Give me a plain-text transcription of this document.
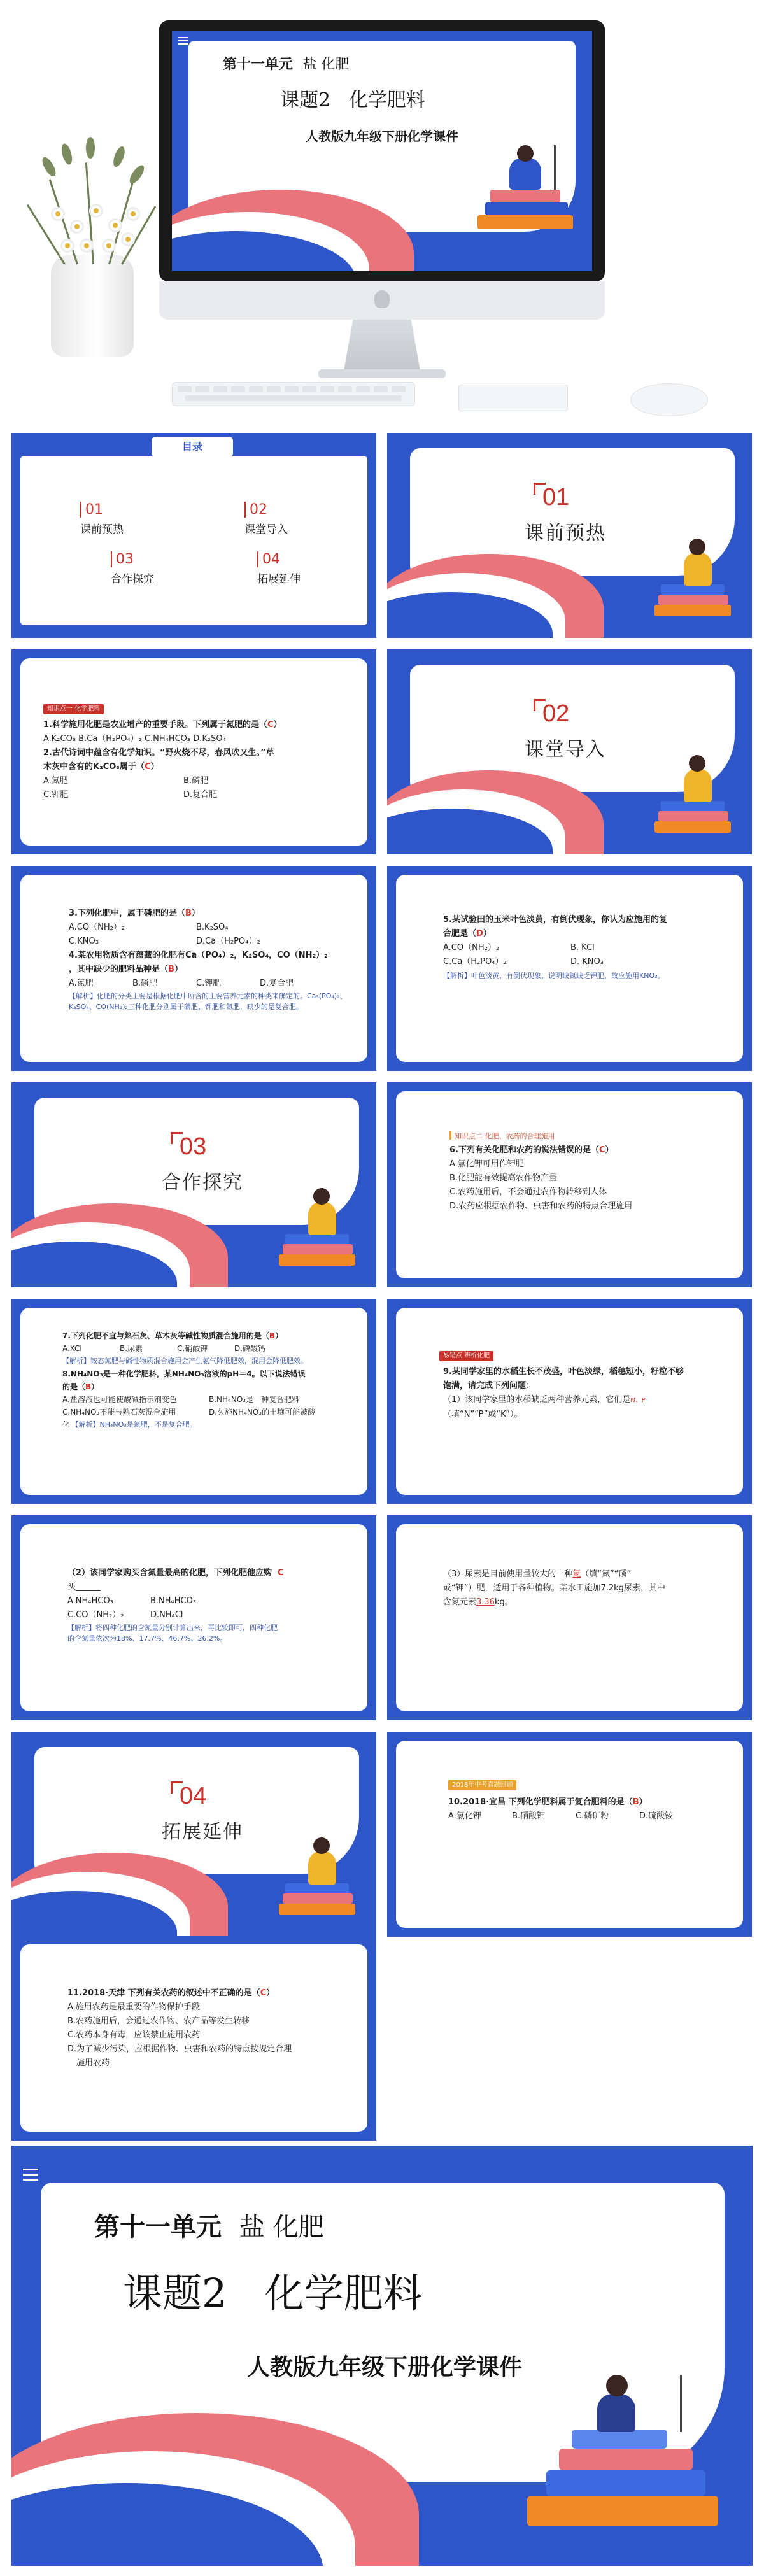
第十一单元 盐 化肥
课题2   化学肥料
人教版九年级下册化学课件
目录
01
课前预热
02
课堂导入
03
合作探究
04
拓展延伸
01
课前预热
知识点一 化学肥料

1.科学施用化肥是农业增产的重要手段。下列属于氮肥的是（C）

A.K₂CO₃ B.Ca（H₂PO₄）₂ C.NH₄HCO₃ D.K₂SO₄

2.古代诗词中蕴含有化学知识。“野火烧不尽，春风吹又生。”草

木灰中含有的K₂CO₃属于（C）

A.氮肥	B.磷肥

C.钾肥	D.复合肥

02
课堂导入

3.下列化肥中，属于磷肥的是（B）

A.CO（NH₂）₂	B.K₂SO₄

C.KNO₃	D.Ca（H₂PO₄）₂

4.某农用物质含有蕴藏的化肥有Ca（PO₄）₂，K₂SO₄，CO（NH₂）₂

，其中缺少的肥料品种是（B）

A.氮肥	B.磷肥	C.钾肥	D.复合肥

【解析】化肥的分类主要是根据化肥中所含的主要营养元素的种类来确定的。Ca₃(PO₄)₂、K₂SO₄、CO(NH₂)₂三种化肥分别属于磷肥、钾肥和氮肥，缺少的是复合肥。

5.某试验田的玉米叶色淡黄，有倒伏现象，你认为应施用的复

合肥是（D）

A.CO（NH₂）₂	B. KCl

C.Ca（H₂PO₄）₂	D. KNO₃

【解析】叶色淡黄，有倒伏现象，说明缺氮缺乏钾肥，故应施用KNO₃。

03
合作探究
知识点二 化肥、农药的合理施用

6.下列有关化肥和农药的说法错误的是（C）

A.氯化钾可用作钾肥

B.化肥能有效提高农作物产量

C.农药施用后，不会通过农作物转移到人体

D.农药应根据农作物、虫害和农药的特点合理施用

7.下列化肥不宜与熟石灰、草木灰等碱性物质混合施用的是（B）

A.KCl	B.尿素	C.硝酸钾	D.磷酸钙

【解析】铵态氮肥与碱性物质混合施用会产生氨气降低肥效，混用会降低肥效。

8.NH₄NO₃是一种化学肥料，某NH₄NO₃溶液的pH＝4。以下说法错误

的是（B）

A.盐溶液也可能使酸碱指示剂变色	B.NH₄NO₃是一种复合肥料

C.NH₄NO₃不能与熟石灰混合施用	D.久施NH₄NO₃的土壤可能被酸

化 【解析】NH₄NO₃是氮肥，不是复合肥。

易错点 辨析化肥

9.某同学家里的水稻生长不茂盛，叶色淡绿，稻穗短小，籽粒不够

饱满，请完成下列问题：

（1）该同学家里的水稻缺乏两种营养元素，它们是N、P

（填“N”“P”或“K”）。

（2）该同学家购买含氮量最高的化肥，下列化肥他应购 C

买______

A.NH₄HCO₃	B.NH₄HCO₃

C.CO（NH₂）₂	D.NH₄Cl

【解析】将四种化肥的含氮量分别计算出来，再比较即可，四种化肥

的含氮量依次为18%、17.7%、46.7%、26.2%。

（3）尿素是目前使用量较大的一种氮（填“氮”“磷”

或“钾”）肥，适用于各种植物。某水田施加7.2kg尿素，其中

含氮元素3.36kg。

04
拓展延伸
2018年中考真题回顾

10.2018·宜昌 下列化学肥料属于复合肥料的是（B）

A.氯化钾	B.硝酸钾	C.磷矿粉	D.硫酸铵

11.2018·天津 下列有关农药的叙述中不正确的是（C）

A.施用农药是最重要的作物保护手段

B.农药施用后，会通过农作物、农产品等发生转移

C.农药本身有毒，应该禁止施用农药

D.为了减少污染，应根据作物、虫害和农药的特点按规定合理

施用农药

第十一单元 盐 化肥
课题2   化学肥料
人教版九年级下册化学课件
